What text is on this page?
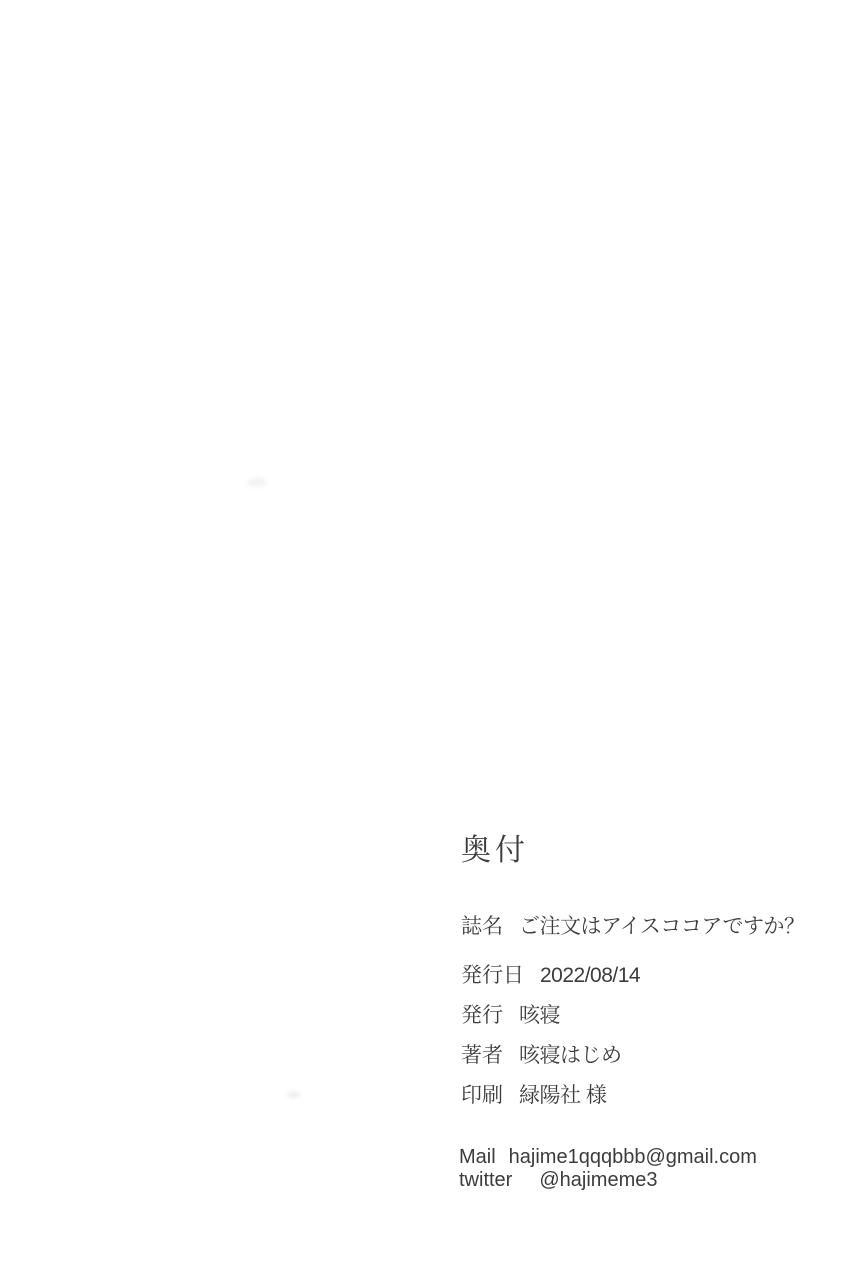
奥付
誌名 ご注文はアイスココアですか？
発行日 2022/08/14
発行 咳寝
著者 咳寝はじめ
印刷 緑陽社 様
Mail hajime1qqqbbb@gmail.com
twitter @hajimeme3
